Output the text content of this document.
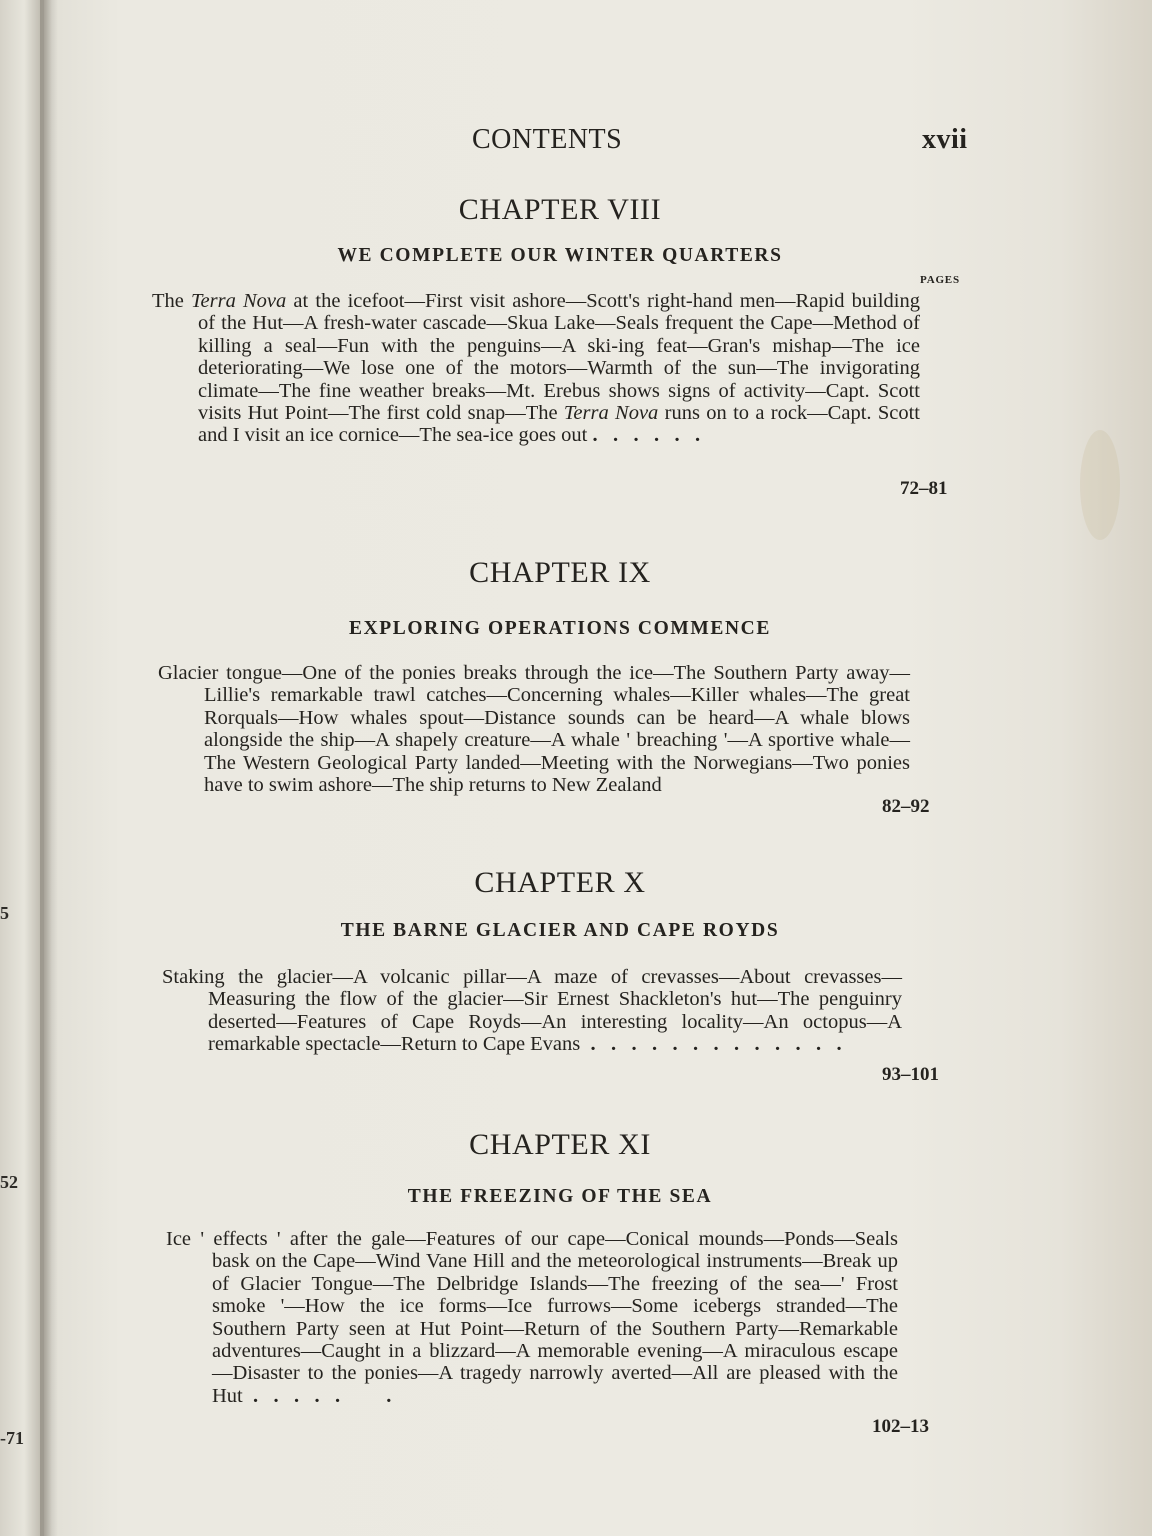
5
52
-71
CONTENTS	xvii
CHAPTER VIII
WE COMPLETE OUR WINTER QUARTERS
PAGES
The Terra Nova at the icefoot—First visit ashore—Scott's right-hand men—Rapid building of the Hut—A fresh-water cascade—Skua Lake—Seals frequent the Cape—Method of killing a seal—Fun with the penguins—A ski-ing feat—Gran's mishap—The ice deteriorating—We lose one of the motors—Warmth of the sun—The invigorating climate—The fine weather breaks—Mt. Erebus shows signs of activity—Capt. Scott visits Hut Point—The first cold snap—The Terra Nova runs on to a rock—Capt. Scott and I visit an ice cornice—The sea-ice goes out .   .   .   .   .   .
72–81
CHAPTER IX
EXPLORING OPERATIONS COMMENCE
Glacier tongue—One of the ponies breaks through the ice—The Southern Party away—Lillie's remarkable trawl catches—Concerning whales—Killer whales—The great Rorquals—How whales spout—Distance sounds can be heard—A whale blows alongside the ship—A shapely creature—A whale ' breaching '—A sportive whale—The Western Geological Party landed—Meeting with the Norwegians—Two ponies have to swim ashore—The ship returns to New Zealand
82–92
CHAPTER X
THE BARNE GLACIER AND CAPE ROYDS
Staking the glacier—A volcanic pillar—A maze of crevasses—About crevasses—Measuring the flow of the glacier—Sir Ernest Shackleton's hut—The penguinry deserted—Features of Cape Royds—An interesting locality—An octopus—A remarkable spectacle—Return to Cape Evans  .   .   .   .   .   .   .   .   .   .   .   .   .
93–101
CHAPTER XI
THE FREEZING OF THE SEA
Ice ' effects ' after the gale—Features of our cape—Conical mounds—Ponds—Seals bask on the Cape—Wind Vane Hill and the meteorological instruments—Break up of Glacier Tongue—The Delbridge Islands—The freezing of the sea—' Frost smoke '—How the ice forms—Ice furrows—Some icebergs stranded—The Southern Party seen at Hut Point—Return of the Southern Party—Remarkable adventures—Caught in a blizzard—A memorable evening—A miraculous escape—Disaster to the ponies—A tragedy narrowly averted—All are pleased with the Hut  .   .   .   .   .         .
102–13
